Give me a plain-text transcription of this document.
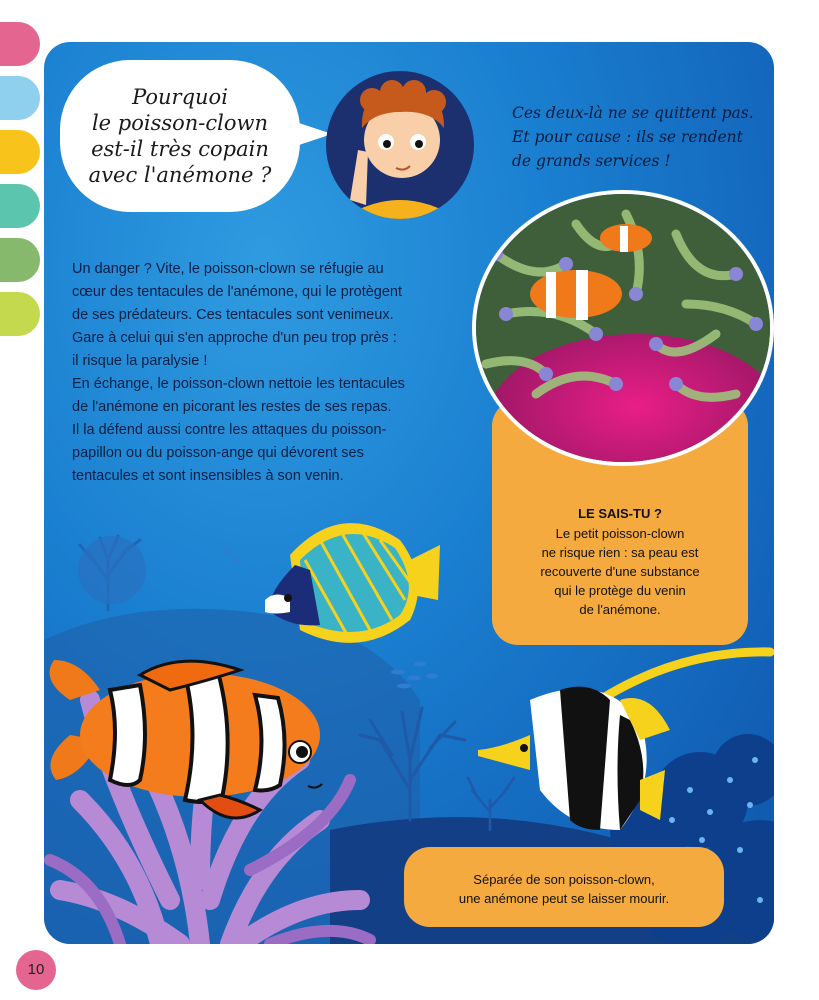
Pourquoi
le poisson-clown
est-il très copain
avec l'anémone ?
Ces deux-là ne se quittent pas.
Et pour cause : ils se rendent
de grands services !
Un danger ? Vite, le poisson-clown se réfugie au
cœur des tentacules de l'anémone, qui le protègent
de ses prédateurs. Ces tentacules sont venimeux.
Gare à celui qui s'en approche d'un peu trop près :
il risque la paralysie !
En échange, le poisson-clown nettoie les tentacules
de l'anémone en picorant les restes de ses repas.
Il la défend aussi contre les attaques du poisson-
papillon ou du poisson-ange qui dévorent ses
tentacules et sont insensibles à son venin.
LE SAIS-TU ?
Le petit poisson-clown
ne risque rien : sa peau est
recouverte d'une substance
qui le protège du venin
de l'anémone.
Séparée de son poisson-clown,
une anémone peut se laisser mourir.
10
